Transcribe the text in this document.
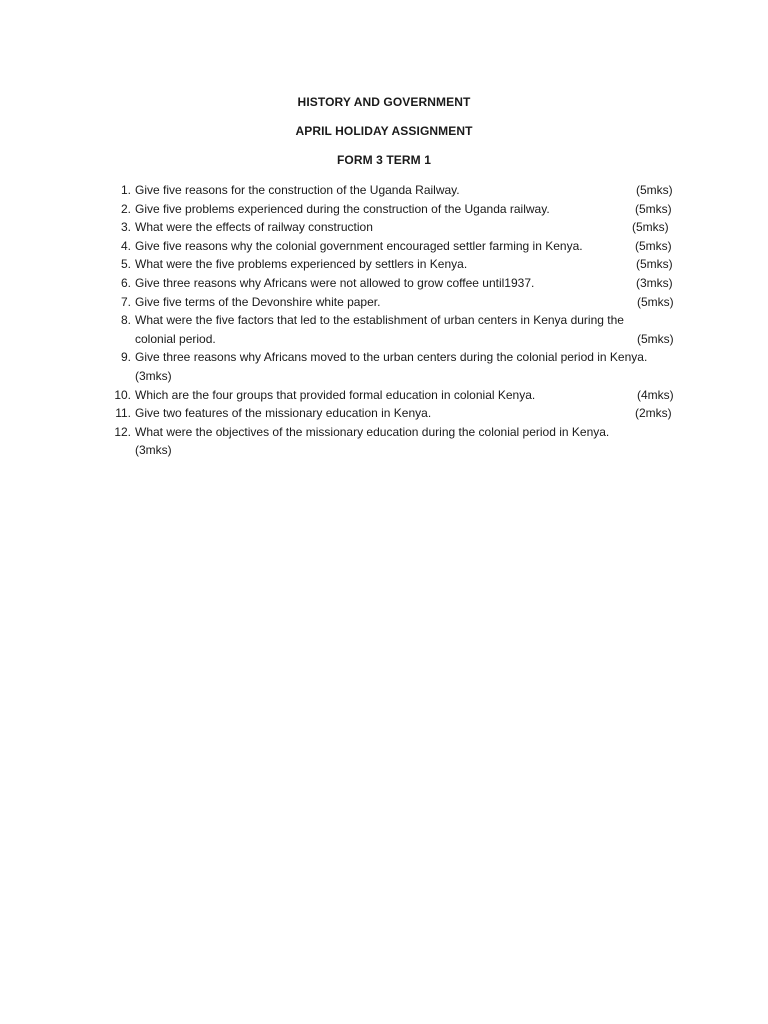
HISTORY AND GOVERNMENT
APRIL HOLIDAY ASSIGNMENT
FORM 3 TERM 1
1. Give five reasons for the construction of the Uganda Railway.	(5mks)
2. Give five problems experienced during the construction of the Uganda railway.	(5mks)
3. What were the effects of railway construction	(5mks)
4. Give five reasons why the colonial government encouraged settler farming in Kenya.	(5mks)
5. What were the five problems experienced by settlers in Kenya.	(5mks)
6. Give three reasons why Africans were not allowed to grow coffee until1937.	(3mks)
7. Give five terms of the Devonshire white paper.	(5mks)
8. What were the five factors that led to the establishment of urban centers in Kenya during the colonial period.	(5mks)
9. Give three reasons why Africans moved to the urban centers during the colonial period in Kenya.
(3mks)
10. Which are the four groups that provided formal education in colonial Kenya.	(4mks)
11. Give two features of the missionary education in Kenya.	(2mks)
12. What were the objectives of the missionary education during the colonial period in Kenya.
(3mks)
